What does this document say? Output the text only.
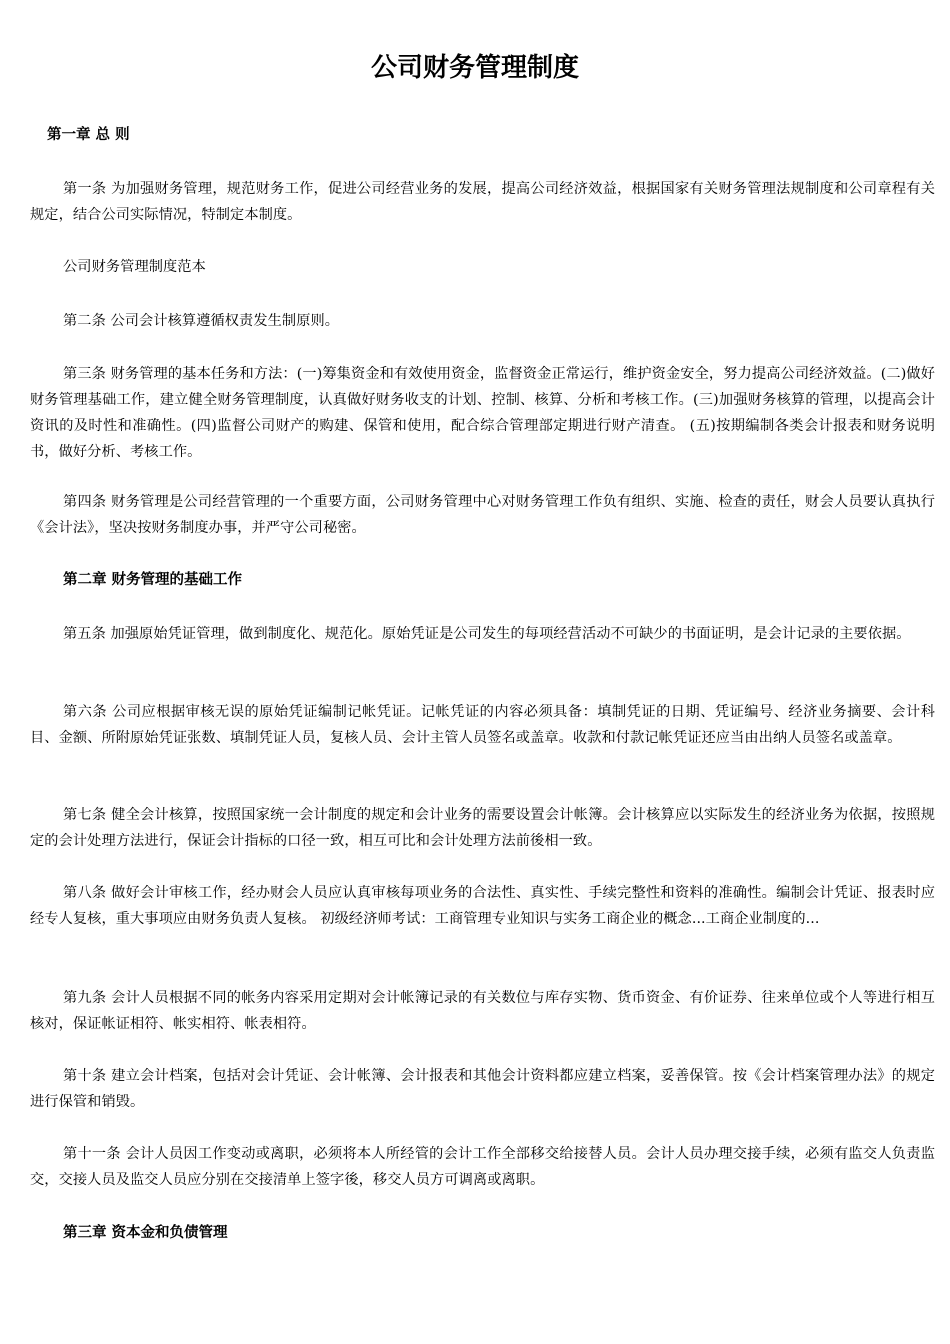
公司财务管理制度
第一章 总 则

第一条 为加强财务管理，规范财务工作，促进公司经营业务的发展，提高公司经济效益，根据国家有关财务管理法规制度和公司章程有关规定，结合公司实际情况，特制定本制度。

公司财务管理制度范本

第二条 公司会计核算遵循权责发生制原则。

第三条 财务管理的基本任务和方法：(一)筹集资金和有效使用资金，监督资金正常运行，维护资金安全，努力提高公司经济效益。(二)做好财务管理基础工作，建立健全财务管理制度，认真做好财务收支的计划、控制、核算、分析和考核工作。(三)加强财务核算的管理，以提高会计资讯的及时性和准确性。(四)监督公司财产的购建、保管和使用，配合综合管理部定期进行财产清查。 (五)按期编制各类会计报表和财务说明书，做好分析、考核工作。

第四条 财务管理是公司经营管理的一个重要方面，公司财务管理中心对财务管理工作负有组织、实施、检查的责任，财会人员要认真执行《会计法》，坚决按财务制度办事，并严守公司秘密。

第二章 财务管理的基础工作

第五条 加强原始凭证管理，做到制度化、规范化。原始凭证是公司发生的每项经营活动不可缺少的书面证明，是会计记录的主要依据。

第六条 公司应根据审核无误的原始凭证编制记帐凭证。记帐凭证的内容必须具备：填制凭证的日期、凭证编号、经济业务摘要、会计科目、金额、所附原始凭证张数、填制凭证人员，复核人员、会计主管人员签名或盖章。收款和付款记帐凭证还应当由出纳人员签名或盖章。

第七条 健全会计核算，按照国家统一会计制度的规定和会计业务的需要设置会计帐簿。会计核算应以实际发生的经济业务为依据，按照规定的会计处理方法进行，保证会计指标的口径一致，相互可比和会计处理方法前後相一致。

第八条 做好会计审核工作，经办财会人员应认真审核每项业务的合法性、真实性、手续完整性和资料的准确性。编制会计凭证、报表时应经专人复核，重大事项应由财务负责人复核。 初级经济师考试：工商管理专业知识与实务工商企业的概念...工商企业制度的...

第九条 会计人员根据不同的帐务内容采用定期对会计帐簿记录的有关数位与库存实物、货币资金、有价证券、往来单位或个人等进行相互核对，保证帐证相符、帐实相符、帐表相符。

第十条 建立会计档案，包括对会计凭证、会计帐簿、会计报表和其他会计资料都应建立档案，妥善保管。按《会计档案管理办法》的规定进行保管和销毁。

第十一条 会计人员因工作变动或离职，必须将本人所经管的会计工作全部移交给接替人员。会计人员办理交接手续，必须有监交人负责监交，交接人员及监交人员应分别在交接清单上签字後，移交人员方可调离或离职。

第三章 资本金和负债管理
